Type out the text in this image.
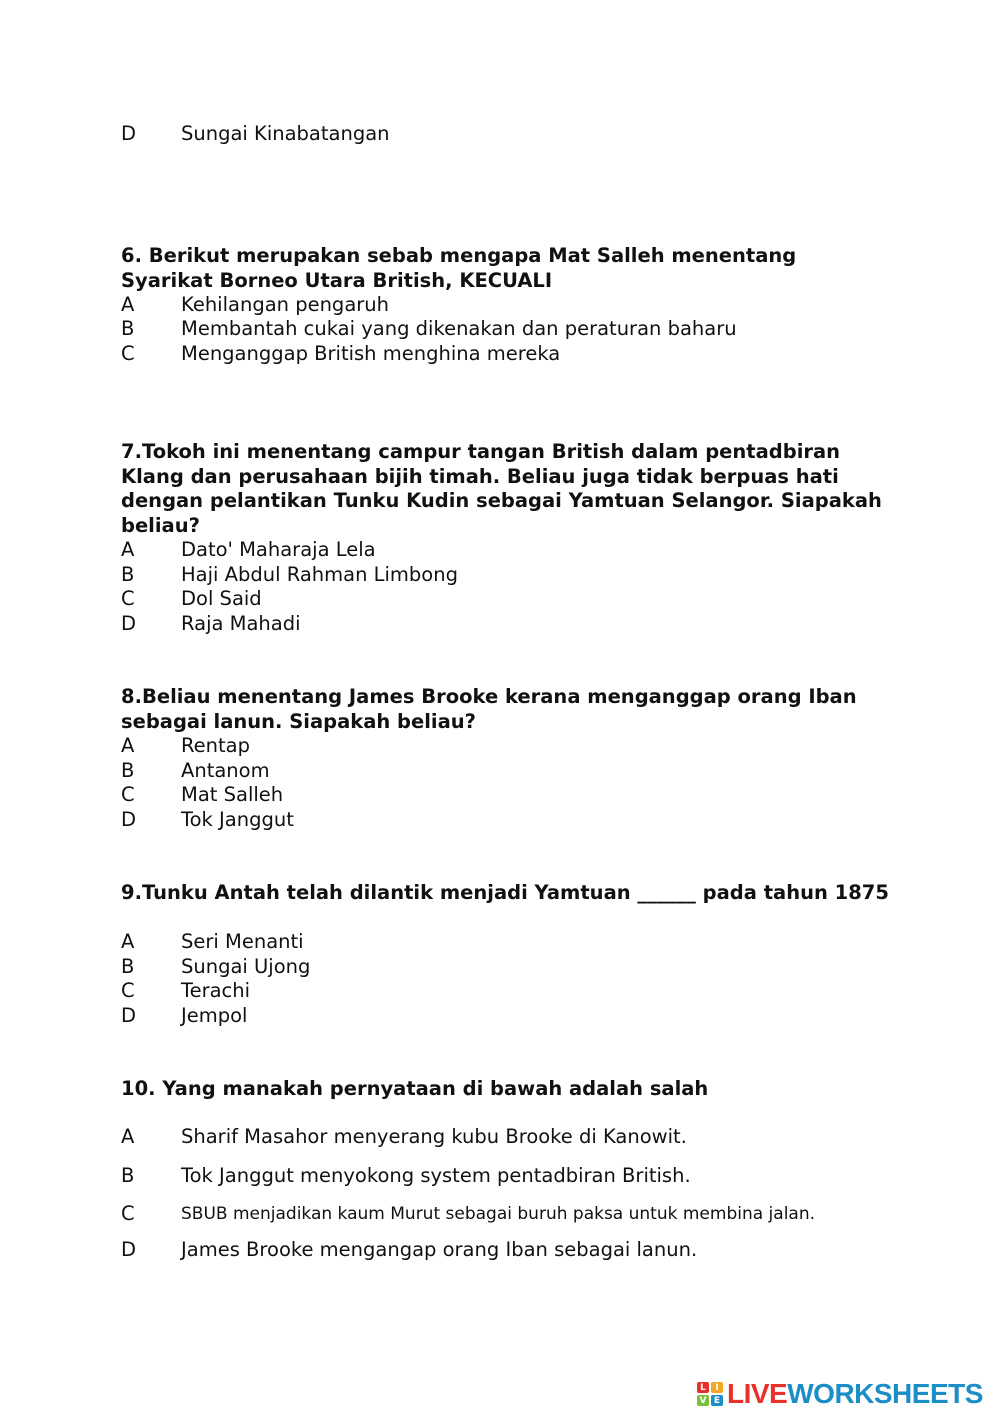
D Sungai Kinabatangan
6. Berikut merupakan sebab mengapa Mat Salleh menentang Syarikat Borneo Utara British, KECUALI
A Kehilangan pengaruh
B Membantah cukai yang dikenakan dan peraturan baharu
C Menganggap British menghina mereka
7.Tokoh ini menentang campur tangan British dalam pentadbiran Klang dan perusahaan bijih timah. Beliau juga tidak berpuas hati dengan pelantikan Tunku Kudin sebagai Yamtuan Selangor. Siapakah beliau?
A Dato' Maharaja Lela
B Haji Abdul Rahman Limbong
C Dol Said
D Raja Mahadi
8.Beliau menentang James Brooke kerana menganggap orang Iban sebagai lanun. Siapakah beliau?
A Rentap
B Antanom
C Mat Salleh
D Tok Janggut
9.Tunku Antah telah dilantik menjadi Yamtuan ______ pada tahun 1875
A Seri Menanti
B Sungai Ujong
C Terachi
D Jempol
10. Yang manakah pernyataan di bawah adalah salah
A Sharif Masahor menyerang kubu Brooke di Kanowit.
B Tok Janggut menyokong system pentadbiran British.
C	SBUB menjadikan kaum Murut sebagai buruh paksa untuk membina jalan.
D James Brooke mengangap orang Iban sebagai lanun.
L	I
V E LIVEWORKSHEETS
